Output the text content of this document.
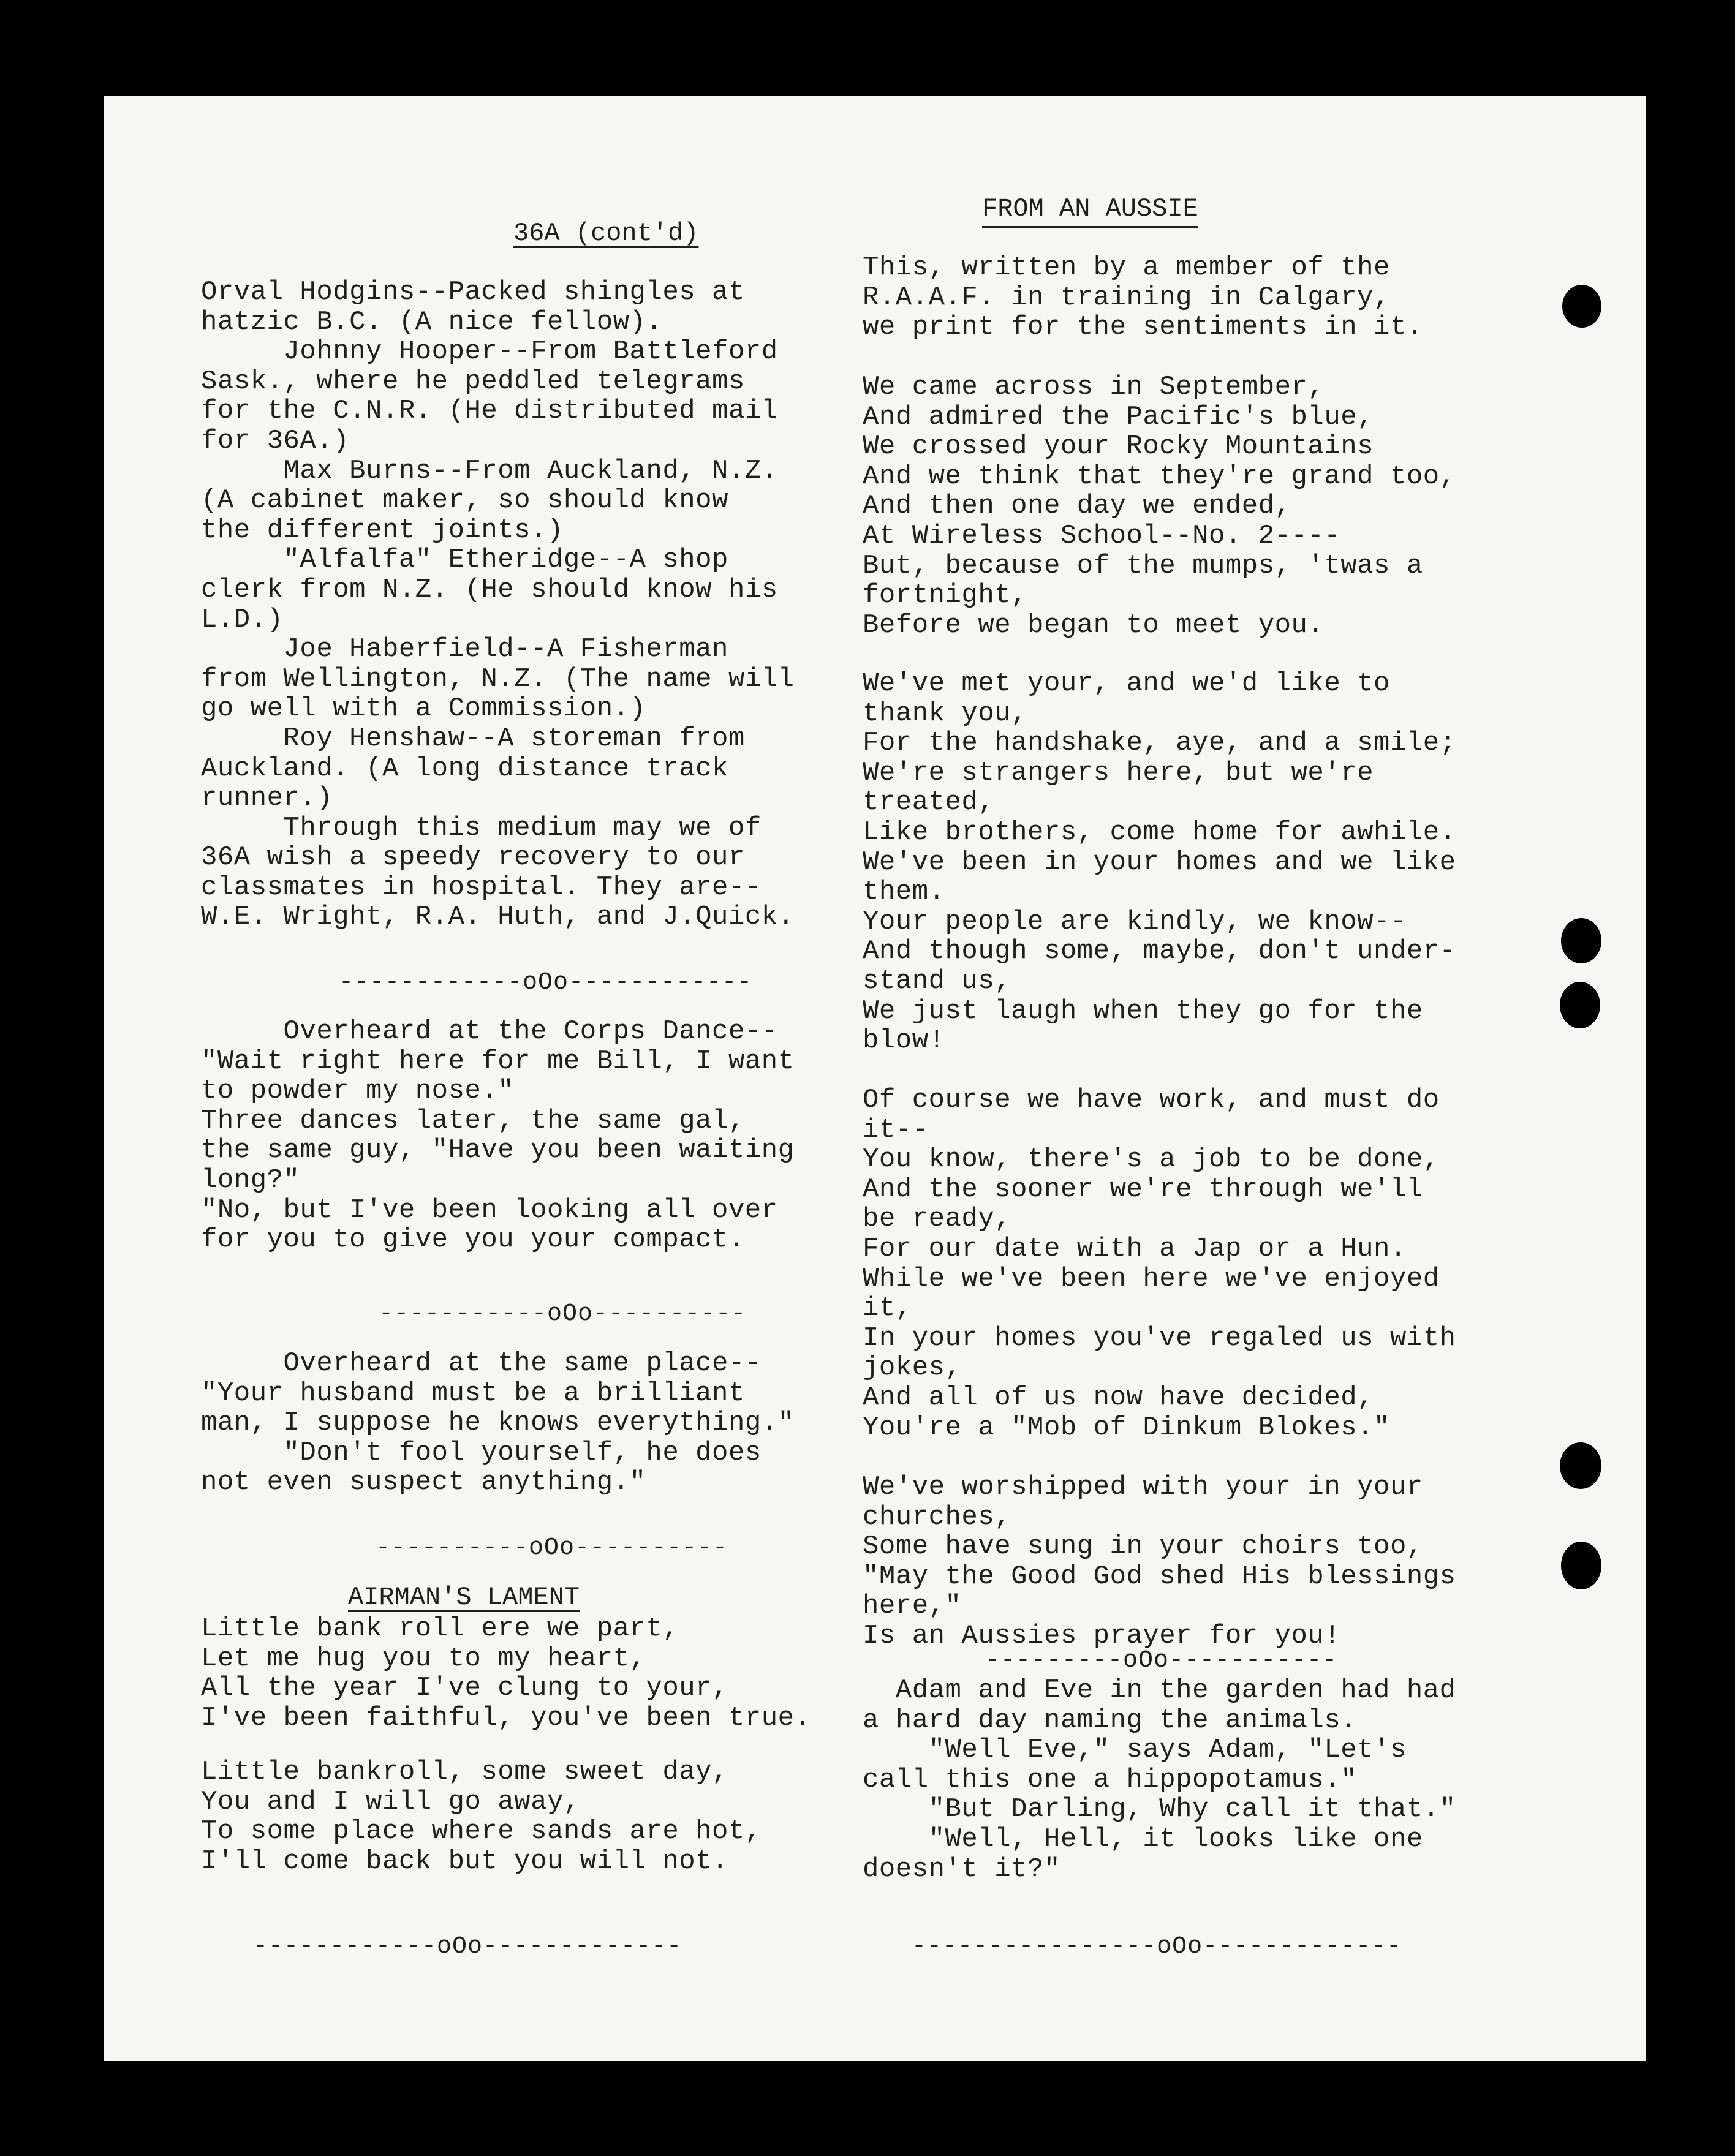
36A (cont'd)
Orval Hodgins--Packed shingles at
hatzic B.C. (A nice fellow).
Johnny Hooper--From Battleford
Sask., where he peddled telegrams
for the C.N.R. (He distributed mail
for 36A.)
Max Burns--From Auckland, N.Z.
(A cabinet maker, so should know
the different joints.)
"Alfalfa" Etheridge--A shop
clerk from N.Z. (He should know his
L.D.)
Joe Haberfield--A Fisherman
from Wellington, N.Z. (The name will
go well with a Commission.)
Roy Henshaw--A storeman from
Auckland. (A long distance track
runner.)
Through this medium may we of
36A wish a speedy recovery to our
classmates in hospital. They are--
W.E. Wright, R.A. Huth, and J.Quick.
------------oOo------------
Overheard at the Corps Dance--
"Wait right here for me Bill, I want
to powder my nose."
Three dances later, the same gal,
the same guy, "Have you been waiting
long?"
"No, but I've been looking all over
for you to give you your compact.
-----------oOo----------
Overheard at the same place--
"Your husband must be a brilliant
man, I suppose he knows everything."
"Don't fool yourself, he does
not even suspect anything."
----------oOo----------
AIRMAN'S LAMENT
Little bank roll ere we part,
Let me hug you to my heart,
All the year I've clung to your,
I've been faithful, you've been true.
Little bankroll, some sweet day,
You and I will go away,
To some place where sands are hot,
I'll come back but you will not.
------------oOo-------------
FROM AN AUSSIE
This, written by a member of the
R.A.A.F. in training in Calgary,
we print for the sentiments in it.
We came across in September,
And admired the Pacific's blue,
We crossed your Rocky Mountains
And we think that they're grand too,
And then one day we ended,
At Wireless School--No. 2----
But, because of the mumps, 'twas a
fortnight,
Before we began to meet you.
We've met your, and we'd like to
thank you,
For the handshake, aye, and a smile;
We're strangers here, but we're
treated,
Like brothers, come home for awhile.
We've been in your homes and we like
them.
Your people are kindly, we know--
And though some, maybe, don't under-
stand us,
We just laugh when they go for the
blow!
Of course we have work, and must do
it--
You know, there's a job to be done,
And the sooner we're through we'll
be ready,
For our date with a Jap or a Hun.
While we've been here we've enjoyed
it,
In your homes you've regaled us with
jokes,
And all of us now have decided,
You're a "Mob of Dinkum Blokes."
We've worshipped with your in your
churches,
Some have sung in your choirs too,
"May the Good God shed His blessings
here,"
Is an Aussies prayer for you!
---------oOo-----------
Adam and Eve in the garden had had
a hard day naming the animals.
"Well Eve," says Adam, "Let's
call this one a hippopotamus."
"But Darling, Why call it that."
"Well, Hell, it looks like one
doesn't it?"
----------------oOo-------------
